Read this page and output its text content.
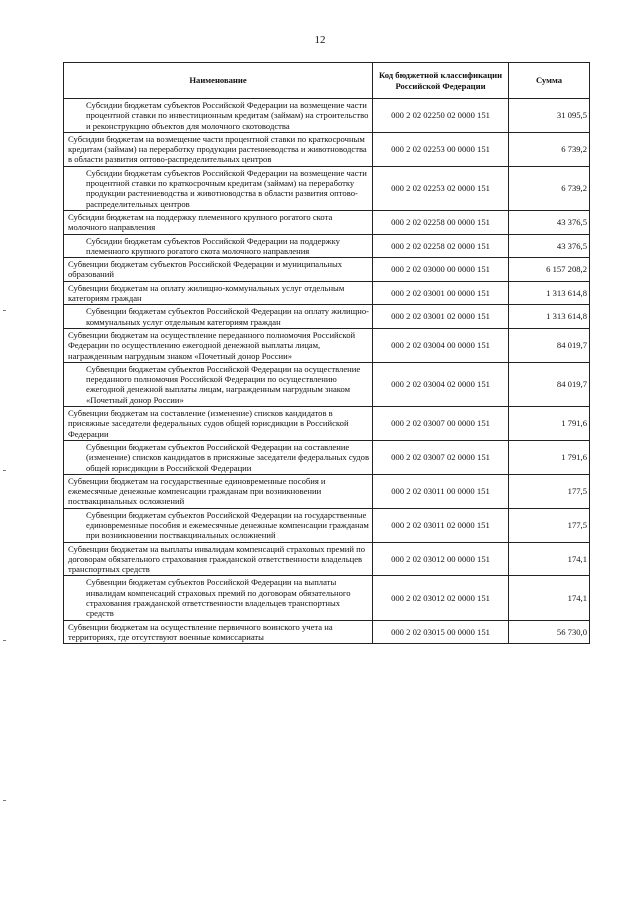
12
Наименование	Код бюджетной классификации Российской Федерации	Сумма
Субсидии бюджетам субъектов Российской Федерации на возмещение части процентной ставки по инвестиционным кредитам (займам) на строительство и реконструкцию объектов для молочного скотоводства	000 2 02 02250 02 0000 151	31 095,5
Субсидии бюджетам на возмещение части процентной ставки по краткосрочным кредитам (займам) на переработку продукции растениеводства и животноводства в области развития оптово-распределительных центров	000 2 02 02253 00 0000 151	6 739,2
Субсидии бюджетам субъектов Российской Федерации на возмещение части процентной ставки по краткосрочным кредитам (займам) на переработку продукции растениеводства и животноводства в области развития оптово-распределительных центров	000 2 02 02253 02 0000 151	6 739,2
Субсидии бюджетам на поддержку племенного крупного рогатого скота молочного направления	000 2 02 02258 00 0000 151	43 376,5
Субсидии бюджетам субъектов Российской Федерации на поддержку племенного крупного рогатого скота молочного направления	000 2 02 02258 02 0000 151	43 376,5
Субвенции бюджетам субъектов Российской Федерации и муниципальных образований	000 2 02 03000 00 0000 151	6 157 208,2
Субвенции бюджетам на оплату жилищно-коммунальных услуг отдельным категориям граждан	000 2 02 03001 00 0000 151	1 313 614,8
Субвенции бюджетам субъектов Российской Федерации на оплату жилищно-коммунальных услуг отдельным категориям граждан	000 2 02 03001 02 0000 151	1 313 614,8
Субвенции бюджетам на осуществление переданного полномочия Российской Федерации по осуществлению ежегодной денежной выплаты лицам, награжденным нагрудным знаком «Почетный донор России»	000 2 02 03004 00 0000 151	84 019,7
Субвенции бюджетам субъектов Российской Федерации на осуществление переданного полномочия Российской Федерации по осуществлению ежегодной денежной выплаты лицам, награжденным нагрудным знаком «Почетный донор России»	000 2 02 03004 02 0000 151	84 019,7
Субвенции бюджетам на составление (изменение) списков кандидатов в присяжные заседатели федеральных судов общей юрисдикции в Российской Федерации	000 2 02 03007 00 0000 151	1 791,6
Субвенции бюджетам субъектов Российской Федерации на составление (изменение) списков кандидатов в присяжные заседатели федеральных судов общей юрисдикции в Российской Федерации	000 2 02 03007 02 0000 151	1 791,6
Субвенции бюджетам на государственные единовременные пособия и ежемесячные денежные компенсации гражданам при возникновении поствакцинальных осложнений	000 2 02 03011 00 0000 151	177,5
Субвенции бюджетам субъектов Российской Федерации на государственные единовременные пособия и ежемесячные денежные компенсации гражданам при возникновении поствакцинальных осложнений	000 2 02 03011 02 0000 151	177,5
Субвенции бюджетам на выплаты инвалидам компенсаций страховых премий по договорам обязательного страхования гражданской ответственности владельцев транспортных средств	000 2 02 03012 00 0000 151	174,1
Субвенции бюджетам субъектов Российской Федерации на выплаты инвалидам компенсаций страховых премий по договорам обязательного страхования гражданской ответственности владельцев транспортных средств	000 2 02 03012 02 0000 151	174,1
Субвенции бюджетам на осуществление первичного воинского учета на территориях, где отсутствуют военные комиссариаты	000 2 02 03015 00 0000 151	56 730,0
